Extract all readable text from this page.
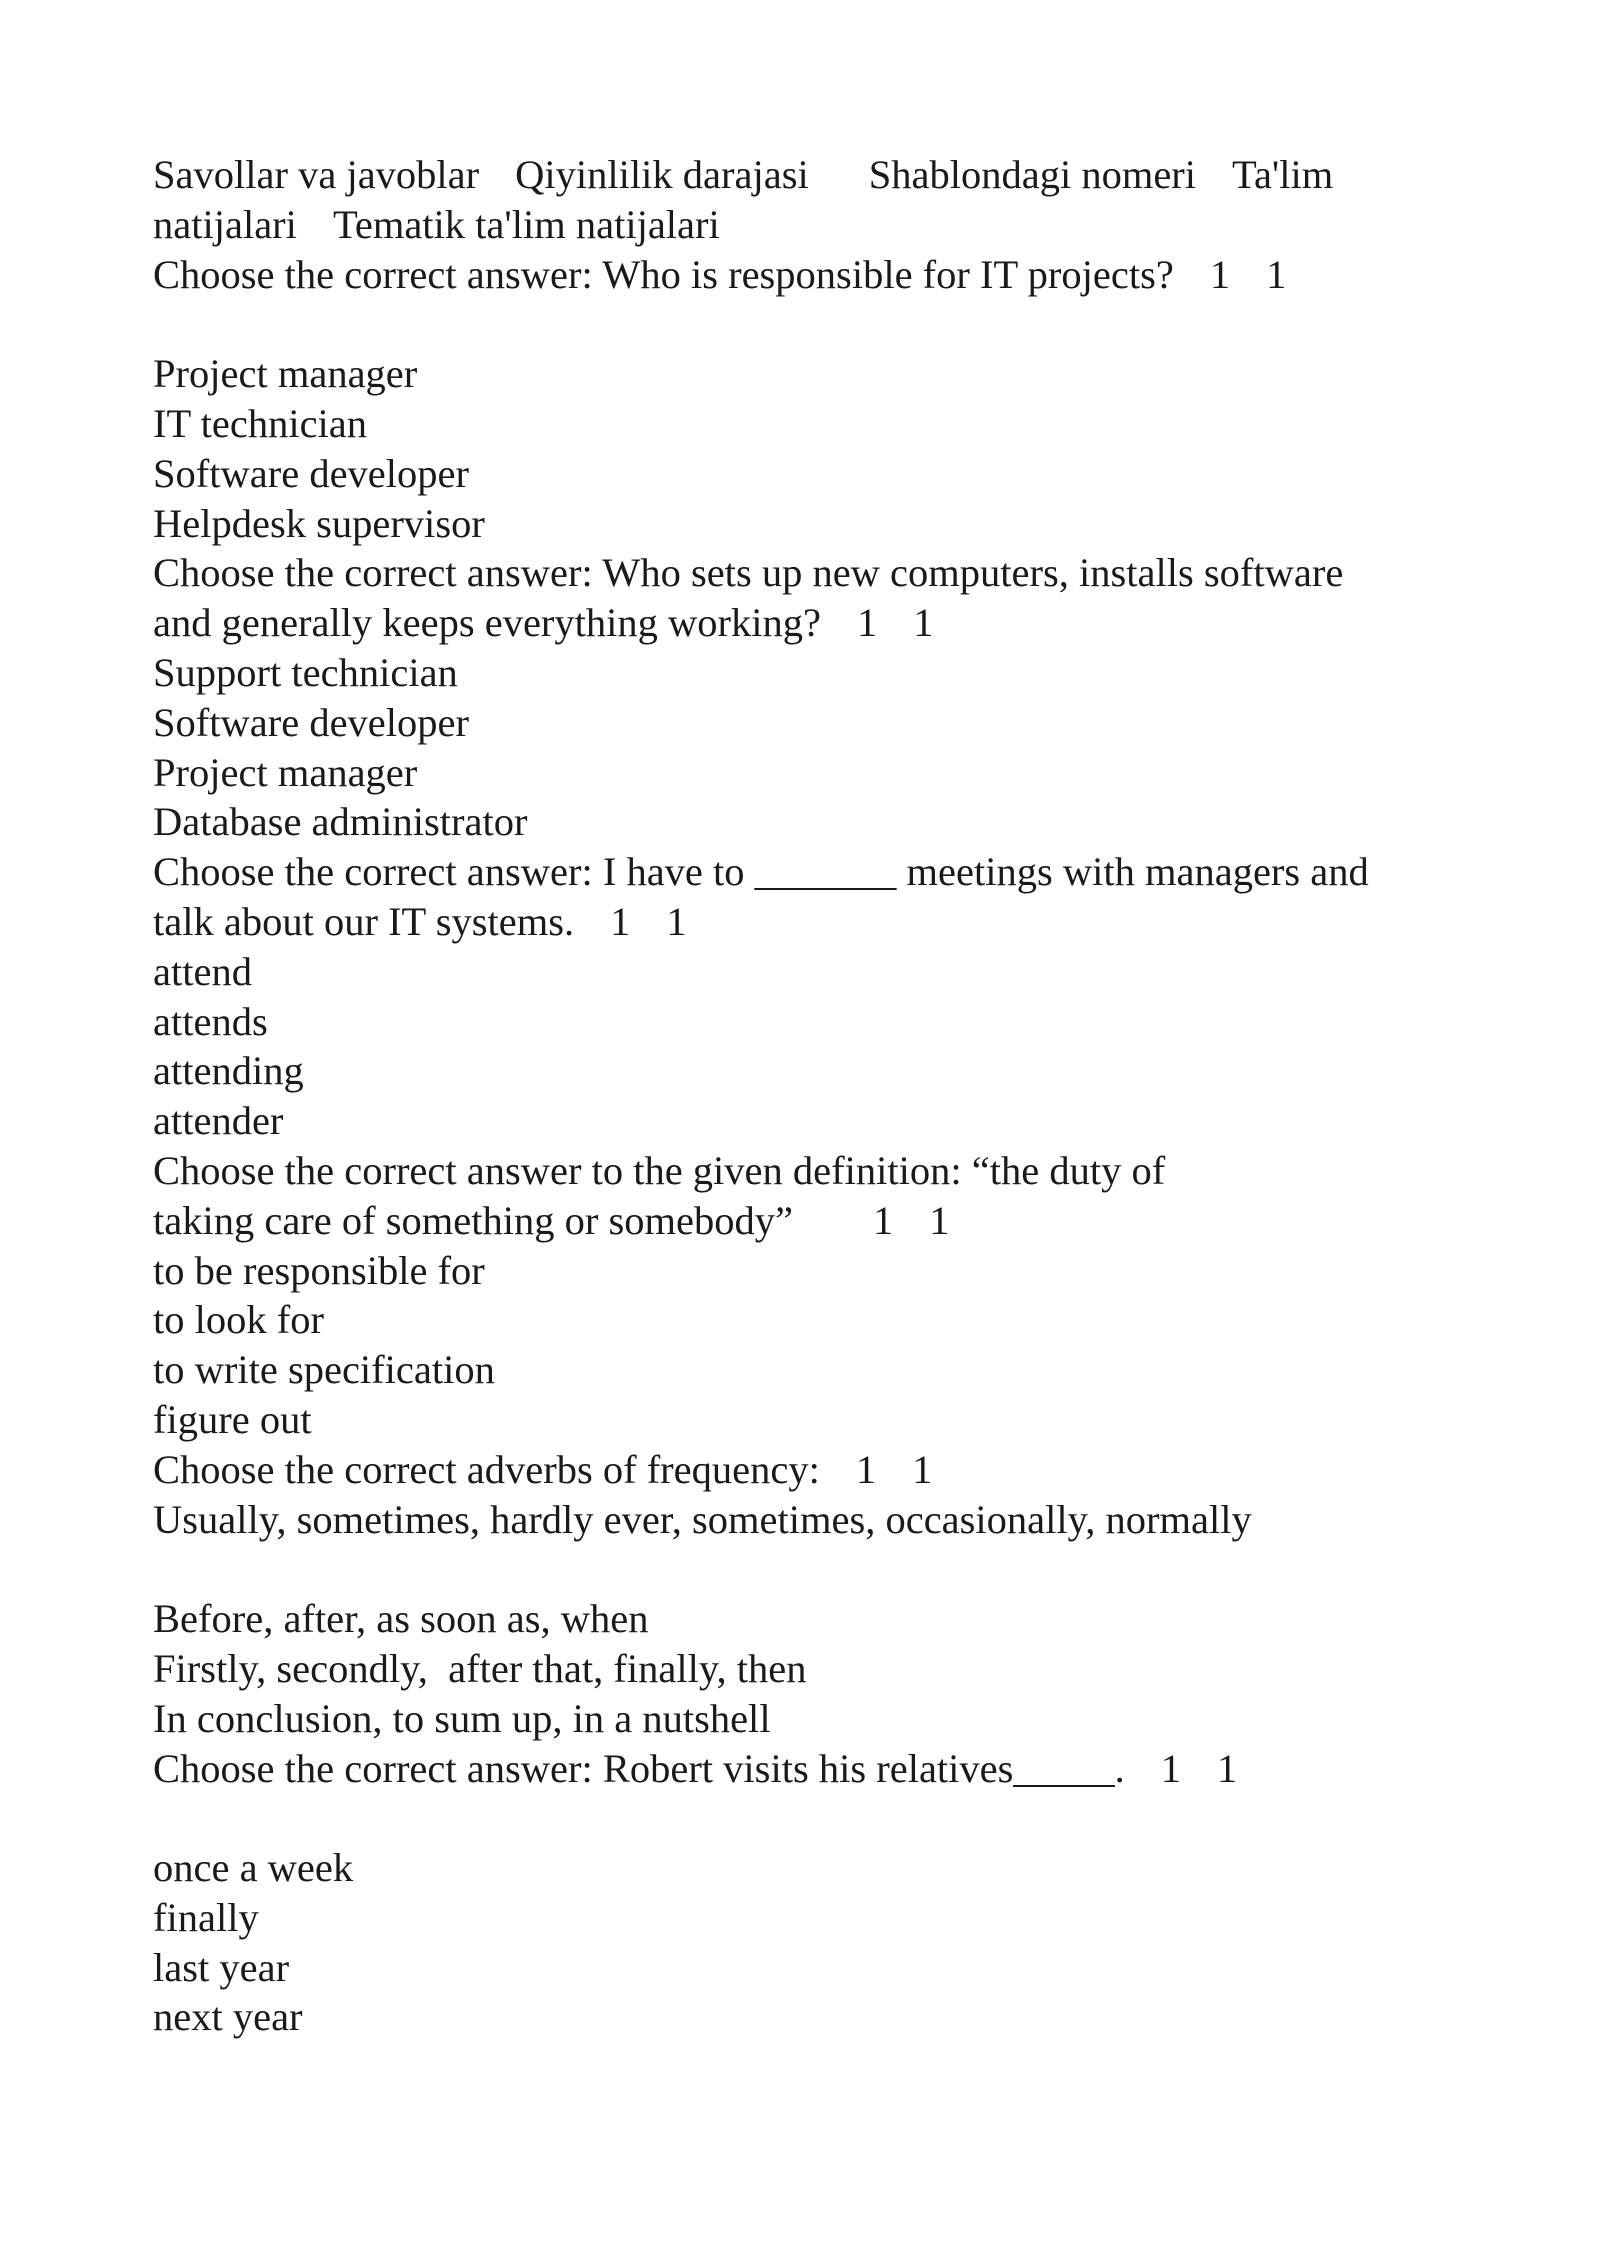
Savollar va javoblar Qiyinlilik darajasi Shablondagi nomeri Ta'lim
natijalari Tematik ta'lim natijalari
Choose the correct answer: Who is responsible for IT projects? 1 1
Project manager
IT technician
Software developer
Helpdesk supervisor
Choose the correct answer: Who sets up new computers, installs software
and generally keeps everything working? 1 1
Support technician
Software developer
Project manager
Database administrator
Choose the correct answer: I have to _______ meetings with managers and
talk about our IT systems. 1 1
attend
attends
attending
attender
Choose the correct answer to the given definition: “the duty of
taking care of something or somebody” 1 1
to be responsible for
to look for
to write specification
figure out
Choose the correct adverbs of frequency: 1 1
Usually, sometimes, hardly ever, sometimes, occasionally, normally
Before, after, as soon as, when
Firstly, secondly,  after that, finally, then
In conclusion, to sum up, in a nutshell
Choose the correct answer: Robert visits his relatives_____. 1 1
once a week
finally
last year
next year
